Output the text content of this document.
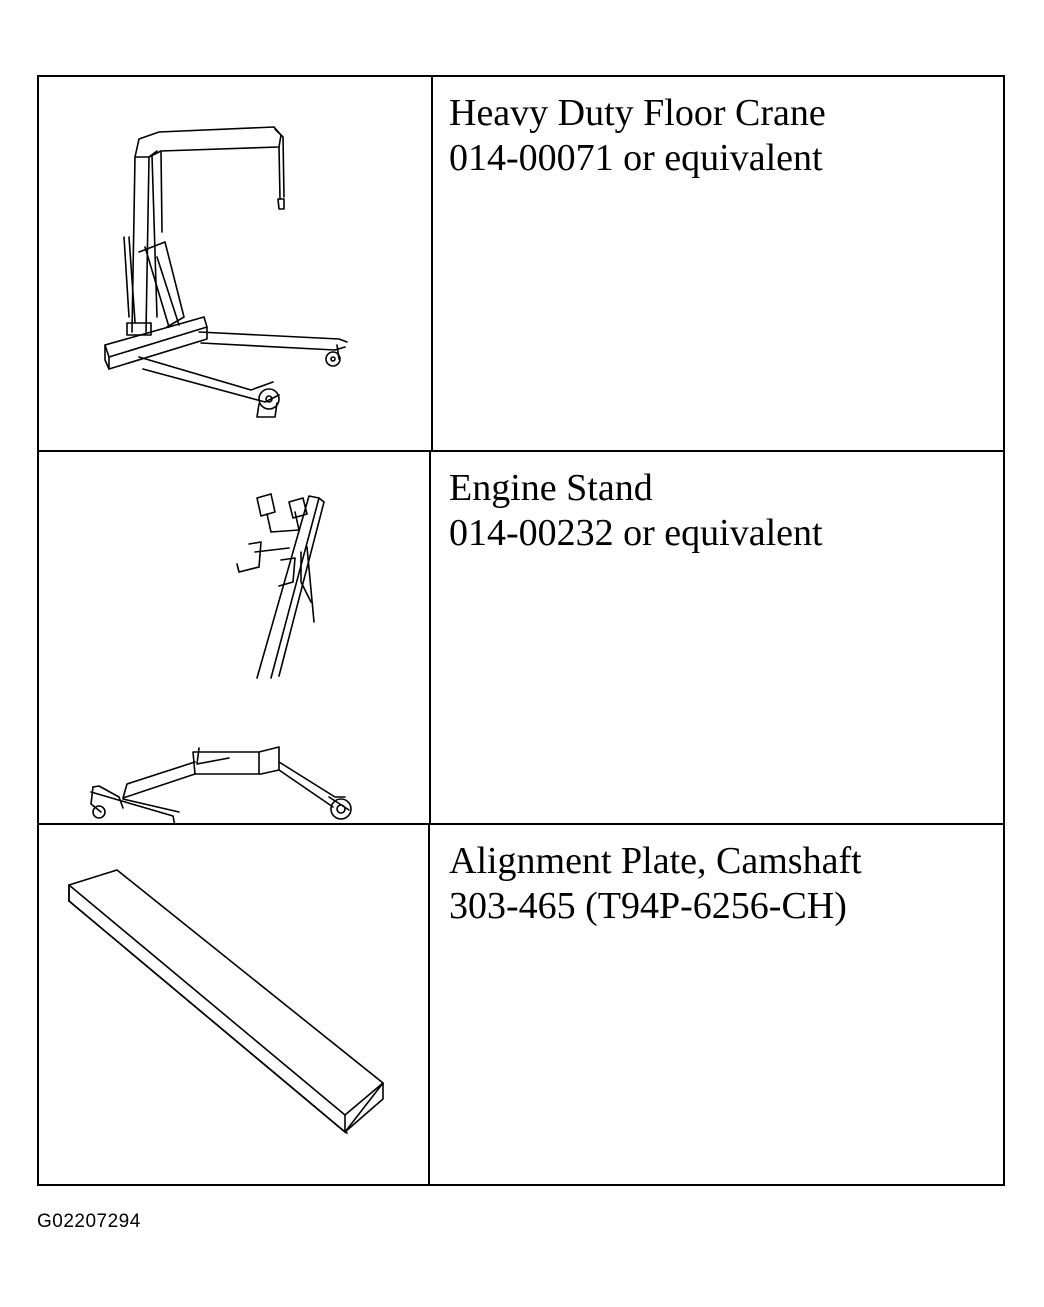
Heavy Duty Floor Crane
014-00071 or equivalent
Engine Stand
014-00232 or equivalent
Alignment Plate, Camshaft
303-465 (T94P-6256-CH)
G02207294
